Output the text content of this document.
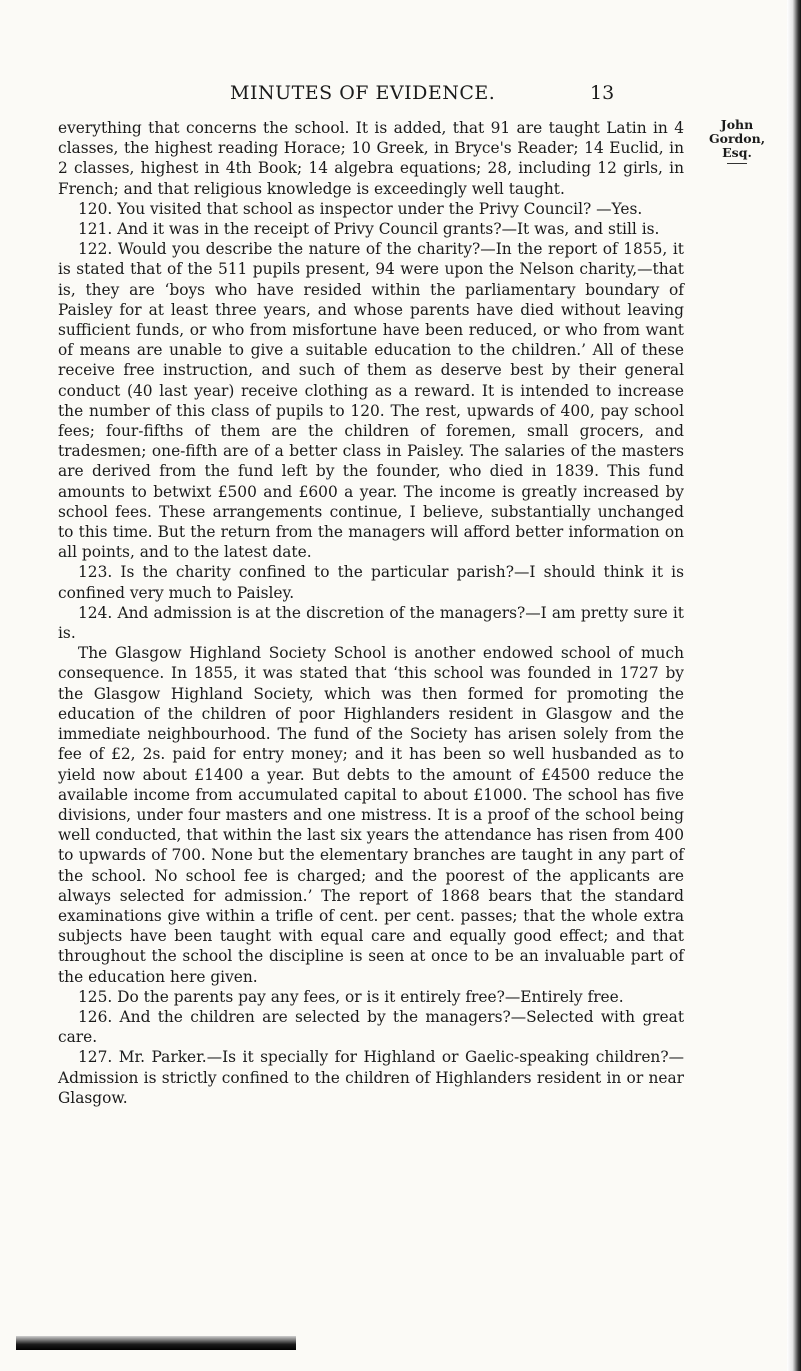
MINUTES OF EVIDENCE.	13
John
Gordon,
Esq.

everything that concerns the school. It is added, that 91 are taught Latin in 4 classes, the highest reading Horace; 10 Greek, in Bryce's Reader; 14 Euclid, in 2 classes, highest in 4th Book; 14 algebra equations; 28, including 12 girls, in French; and that religious knowledge is exceedingly well taught.

120. You visited that school as inspector under the Privy Council? —Yes.

121. And it was in the receipt of Privy Council grants?—It was, and still is.

122. Would you describe the nature of the charity?—In the report of 1855, it is stated that of the 511 pupils present, 94 were upon the Nelson charity,—that is, they are ‘boys who have resided within the parliamentary boundary of Paisley for at least three years, and whose parents have died without leaving sufficient funds, or who from misfortune have been reduced, or who from want of means are unable to give a suitable education to the children.’ All of these receive free instruction, and such of them as deserve best by their general conduct (40 last year) receive clothing as a reward. It is intended to increase the number of this class of pupils to 120. The rest, upwards of 400, pay school fees; four-fifths of them are the children of foremen, small grocers, and tradesmen; one-fifth are of a better class in Paisley. The salaries of the masters are derived from the fund left by the founder, who died in 1839. This fund amounts to betwixt £500 and £600 a year. The income is greatly increased by school fees. These arrangements continue, I believe, substantially unchanged to this time. But the return from the managers will afford better information on all points, and to the latest date.

123. Is the charity confined to the particular parish?—I should think it is confined very much to Paisley.

124. And admission is at the discretion of the managers?—I am pretty sure it is.

The Glasgow Highland Society School is another endowed school of much consequence. In 1855, it was stated that ‘this school was founded in 1727 by the Glasgow Highland Society, which was then formed for promoting the education of the children of poor Highlanders resident in Glasgow and the immediate neighbourhood. The fund of the Society has arisen solely from the fee of £2, 2s. paid for entry money; and it has been so well husbanded as to yield now about £1400 a year. But debts to the amount of £4500 reduce the available income from accumulated capital to about £1000. The school has five divisions, under four masters and one mistress. It is a proof of the school being well conducted, that within the last six years the attendance has risen from 400 to upwards of 700. None but the elementary branches are taught in any part of the school. No school fee is charged; and the poorest of the applicants are always selected for admission.’ The report of 1868 bears that the standard examinations give within a trifle of cent. per cent. passes; that the whole extra subjects have been taught with equal care and equally good effect; and that throughout the school the discipline is seen at once to be an invaluable part of the education here given.

125. Do the parents pay any fees, or is it entirely free?—Entirely free.

126. And the children are selected by the managers?—Selected with great care.

127. Mr. Parker.—Is it specially for Highland or Gaelic-speaking children?—Admission is strictly confined to the children of Highlanders resident in or near Glasgow.
